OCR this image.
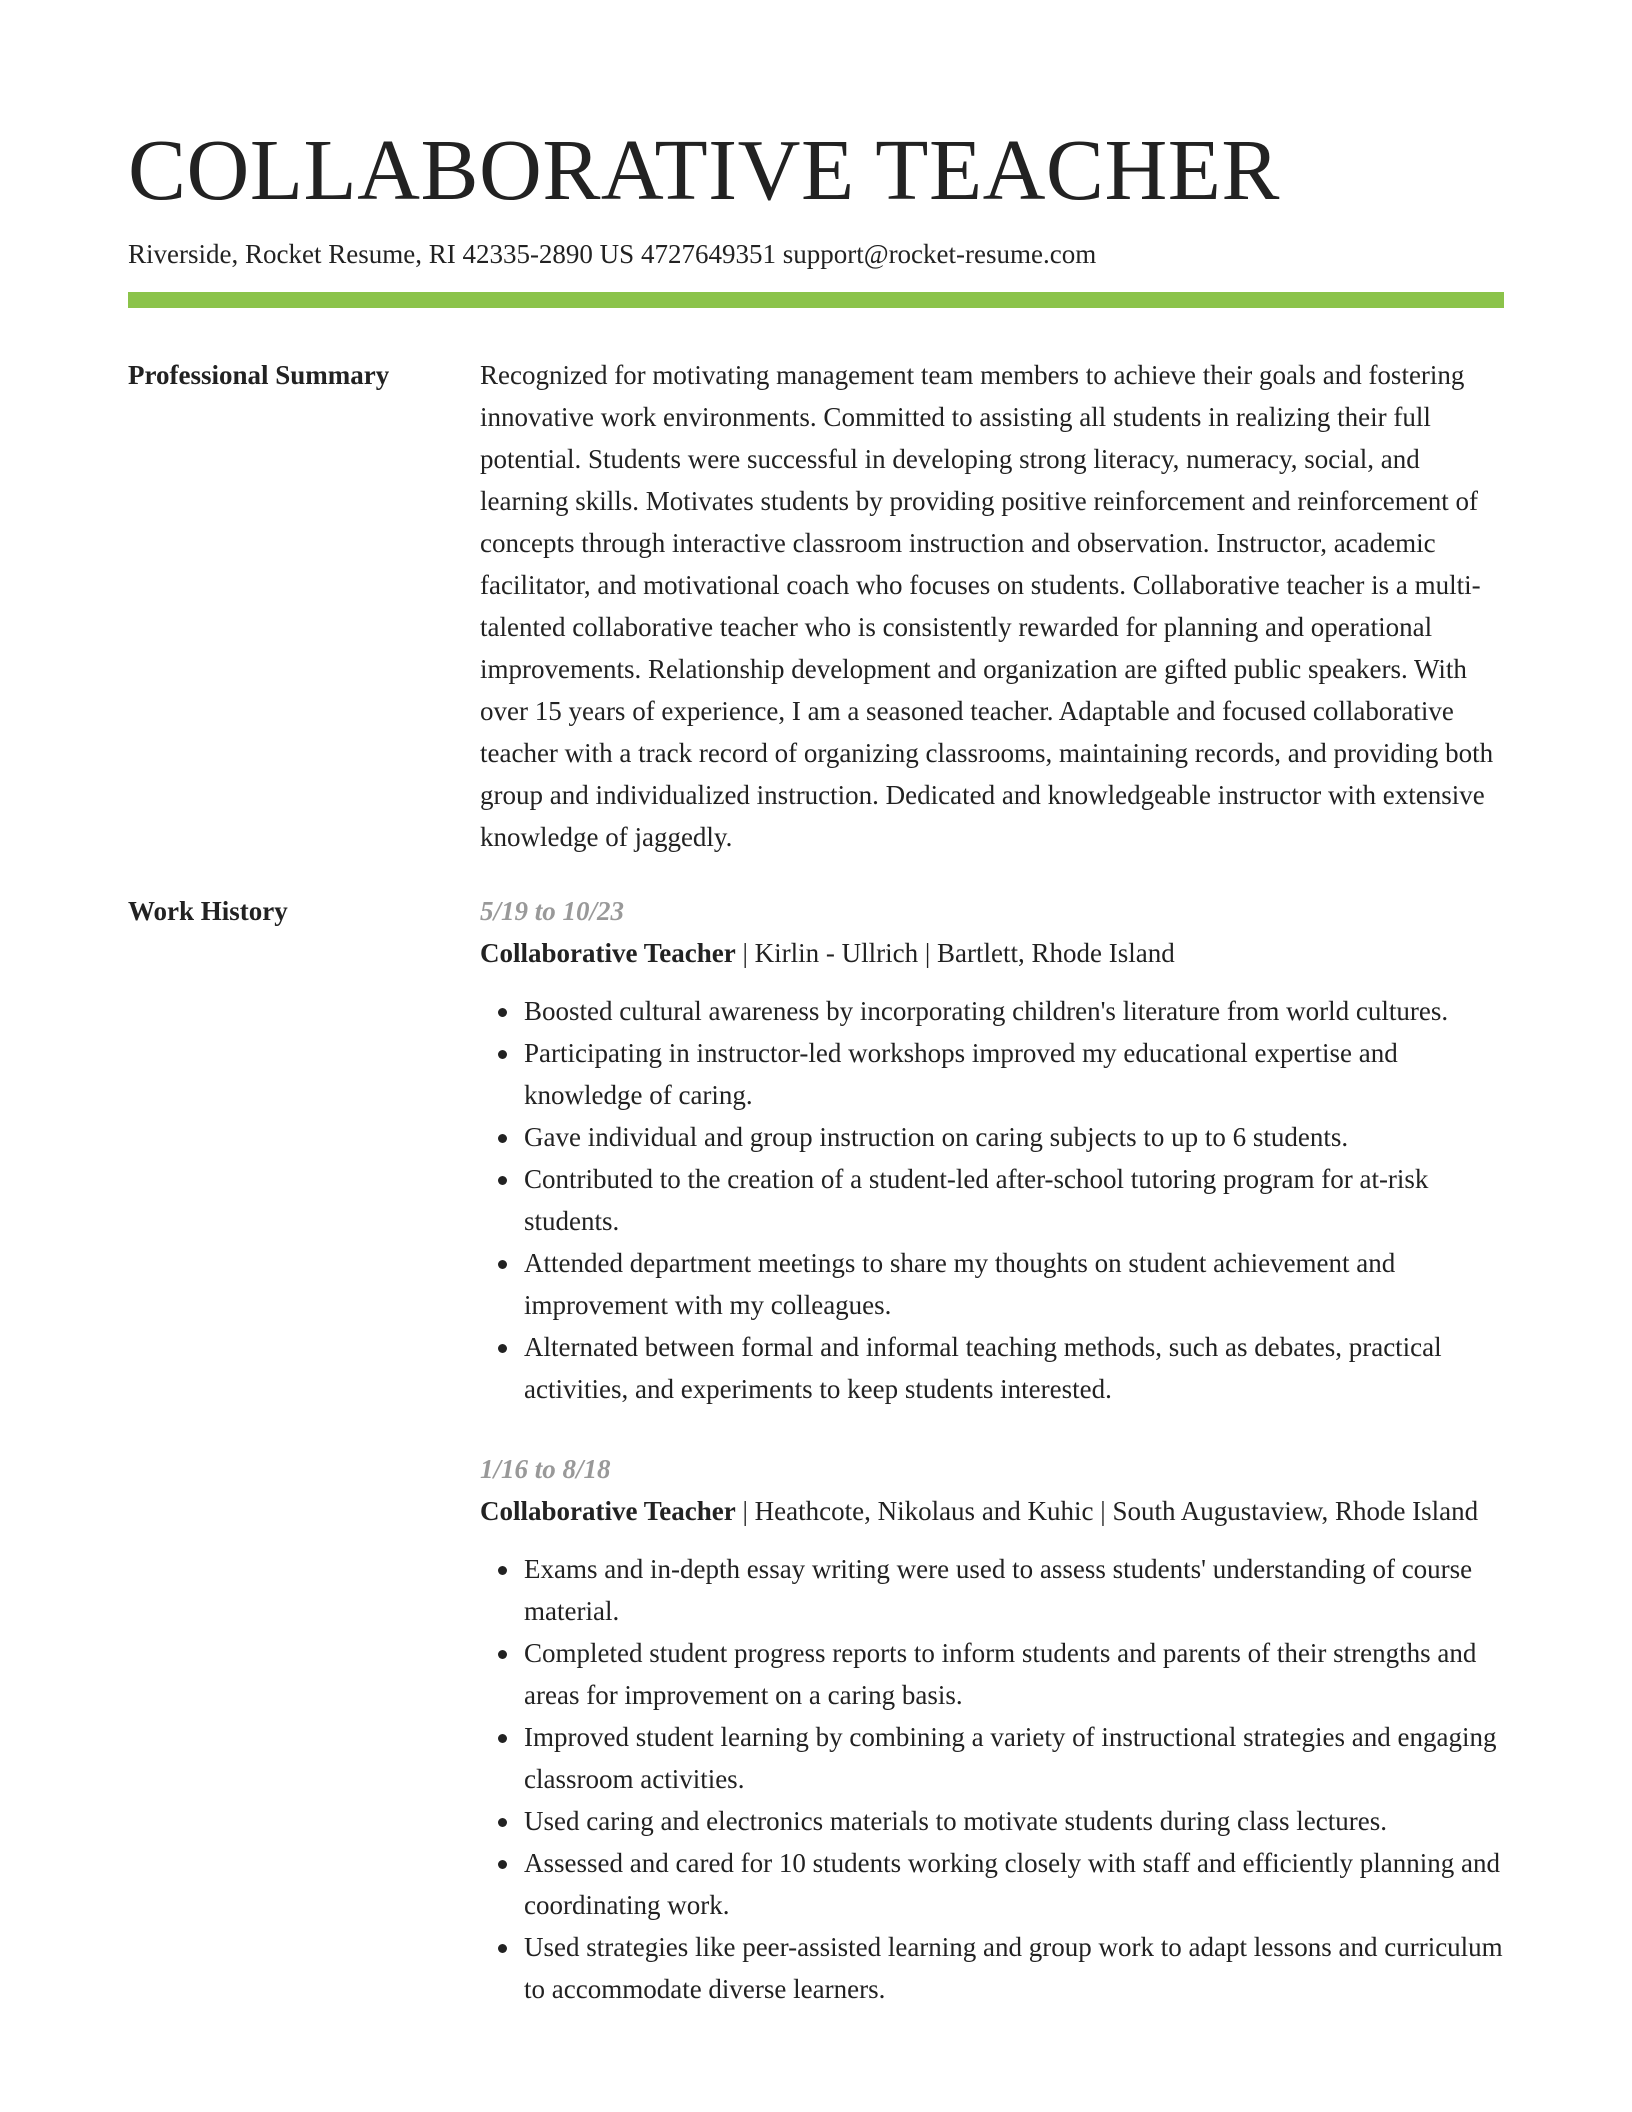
COLLABORATIVE TEACHER
Riverside, Rocket Resume, RI 42335-2890 US 4727649351 support@rocket-resume.com
Professional Summary	Recognized for motivating management team members to achieve their goals and fostering innovative work environments. Committed to assisting all students in realizing their full potential. Students were successful in developing strong literacy, numeracy, social, and learning skills. Motivates students by providing positive reinforcement and reinforcement of concepts through interactive classroom instruction and observation. Instructor, academic facilitator, and motivational coach who focuses on students. Collaborative teacher is a multi-talented collaborative teacher who is consistently rewarded for planning and operational improvements. Relationship development and organization are gifted public speakers. With over 15 years of experience, I am a seasoned teacher. Adaptable and focused collaborative teacher with a track record of organizing classrooms, maintaining records, and providing both group and individualized instruction. Dedicated and knowledgeable instructor with extensive knowledge of jaggedly.

Work History	5/19 to 10/23
Collaborative Teacher | Kirlin - Ullrich | Bartlett, Rhode Island
Boosted cultural awareness by incorporating children's literature from world cultures.
Participating in instructor-led workshops improved my educational expertise and knowledge of caring.
Gave individual and group instruction on caring subjects to up to 6 students.
Contributed to the creation of a student-led after-school tutoring program for at-risk students.
Attended department meetings to share my thoughts on student achievement and improvement with my colleagues.
Alternated between formal and informal teaching methods, such as debates, practical activities, and experiments to keep students interested.
1/16 to 8/18
Collaborative Teacher | Heathcote, Nikolaus and Kuhic | South Augustaview, Rhode Island
Exams and in-depth essay writing were used to assess students' understanding of course material.
Completed student progress reports to inform students and parents of their strengths and areas for improvement on a caring basis.
Improved student learning by combining a variety of instructional strategies and engaging classroom activities.
Used caring and electronics materials to motivate students during class lectures.
Assessed and cared for 10 students working closely with staff and efficiently planning and coordinating work.
Used strategies like peer-assisted learning and group work to adapt lessons and curriculum to accommodate diverse learners.
